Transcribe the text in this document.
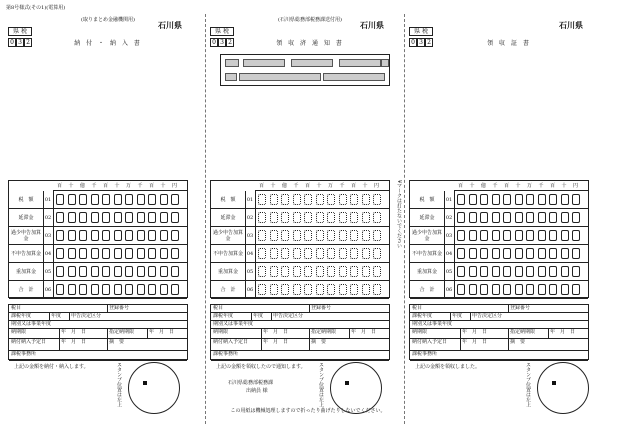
第8号様式(その1)(電算用)
(取りまとめ金融機関用)
石川県
県 税
0 3 2	納 付 ・ 納 入 書
百 十 億 千 百 十 万 千 百 十 円
税　額	01
延滞金	02
過少申告加算金	03
不申告加算金 04
重加算金	05
合　計	06
税目	登録番号
課税年度	年度 申告決定区分
期別又は事業年度
納期限	年　月　日	指定納期限	年　月　日
納付納入予定日	年　月　日	摘　要
課税事務所
上記の金額を納付・納入します。	スタンプ位置は左上
(石川県総務部税務課送付用)
石川県
県 税
0 3 2	領 収 済 通 知 書
百 十 億 千 百 十 万 千 百 十 円
税　額	01
延滞金	02
過少申告加算金	03
不申告加算金 04
重加算金	05
合　計	06
税目	登録番号
課税年度	年度 申告決定区分
期別又は事業年度
納期限	年　月　日	指定納期限	年　月　日
納付納入予定日	年　月　日	摘　要
課税事務所
上記の金額を領収したので通知します。
石川県総務部税務課
出納員 様
この用紙は機械処理しますので折ったり曲げたりしないでください。
スタンプ位置は左上
石川県
県 税
0 3 2	領 収 証 書
百 十 億 千 百 十 万 千 百 十 円
税　額	01
延滞金	02
過少申告加算金	03
不申告加算金 04
重加算金	05
合　計	06
税目	登録番号
課税年度	年度 申告決定区分
期別又は事業年度
納期限	年　月　日	指定納期限	年　月　日
納付納入予定日	年　月　日	摘　要
課税事務所
上記の金額を領収しました。	スタンプ位置は左上
¥マークは打たないでください
